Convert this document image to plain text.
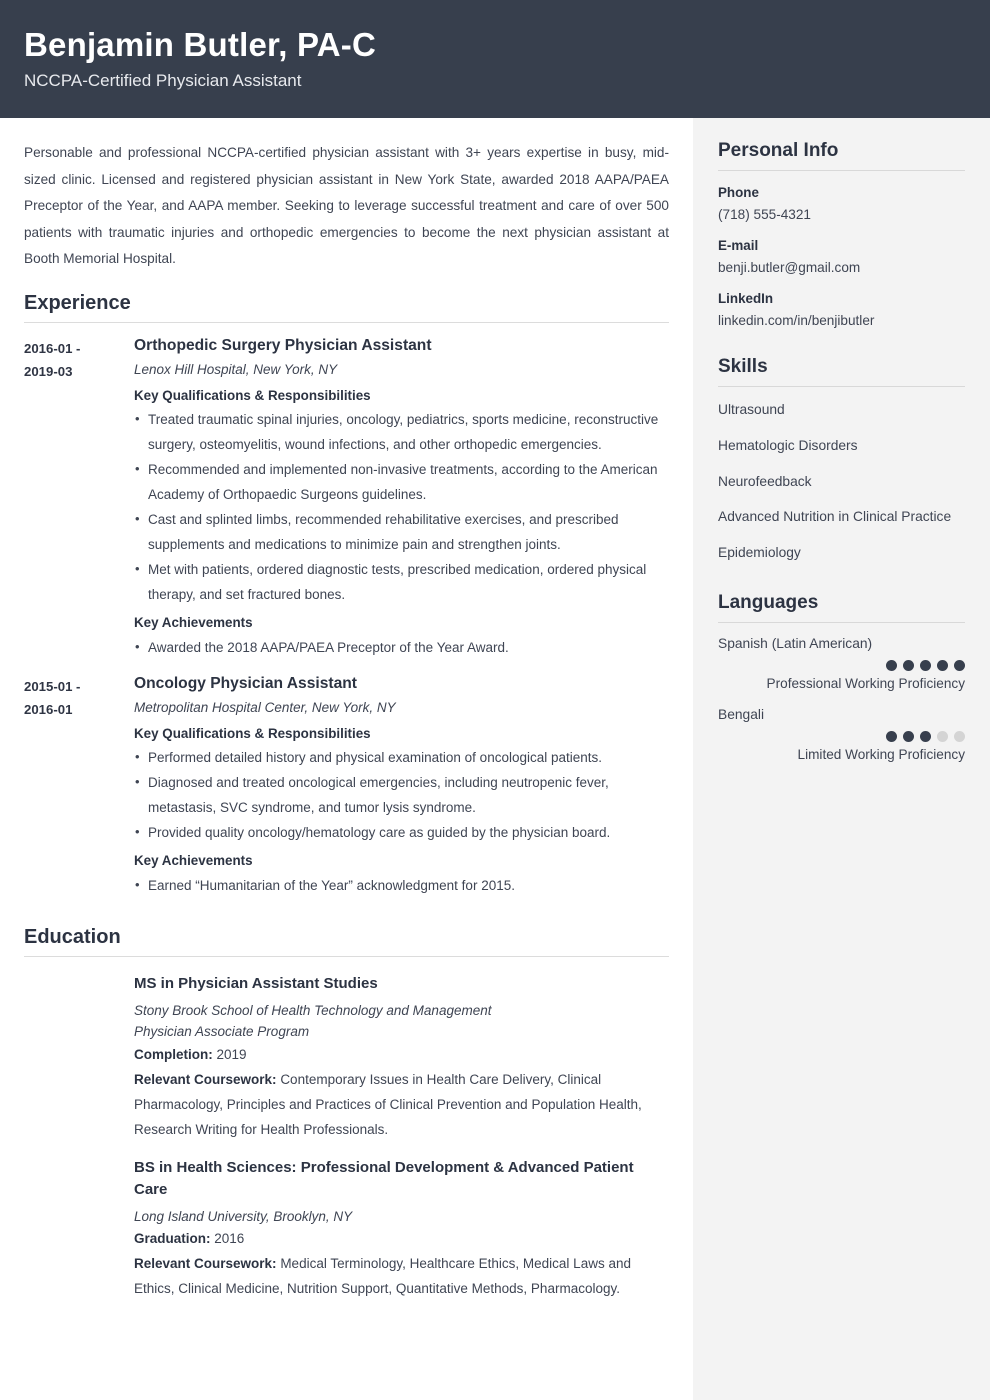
Benjamin Butler, PA-C
NCCPA-Certified Physician Assistant

Personable and professional NCCPA-certified physician assistant with 3+ years expertise in busy, mid-sized clinic. Licensed and registered physician assistant in New York State, awarded 2018 AAPA/PAEA Preceptor of the Year, and AAPA member. Seeking to leverage successful treatment and care of over 500 patients with traumatic injuries and orthopedic emergencies to become the next physician assistant at Booth Memorial Hospital.

Experience
2016-01 -
2019-03
Orthopedic Surgery Physician Assistant
Lenox Hill Hospital, New York, NY
Key Qualifications & Responsibilities
• Treated traumatic spinal injuries, oncology, pediatrics, sports medicine, reconstructive surgery, osteomyelitis, wound infections, and other orthopedic emergencies.
• Recommended and implemented non-invasive treatments, according to the American Academy of Orthopaedic Surgeons guidelines.
• Cast and splinted limbs, recommended rehabilitative exercises, and prescribed supplements and medications to minimize pain and strengthen joints.
• Met with patients, ordered diagnostic tests, prescribed medication, ordered physical therapy, and set fractured bones.
Key Achievements
• Awarded the 2018 AAPA/PAEA Preceptor of the Year Award.
2015-01 -
2016-01
Oncology Physician Assistant
Metropolitan Hospital Center, New York, NY
Key Qualifications & Responsibilities
• Performed detailed history and physical examination of oncological patients.
• Diagnosed and treated oncological emergencies, including neutropenic fever, metastasis, SVC syndrome, and tumor lysis syndrome.
• Provided quality oncology/hematology care as guided by the physician board.
Key Achievements
• Earned “Humanitarian of the Year” acknowledgment for 2015.
Education
MS in Physician Assistant Studies
Stony Brook School of Health Technology and Management
Physician Associate Program
Completion: 2019
Relevant Coursework: Contemporary Issues in Health Care Delivery, Clinical Pharmacology, Principles and Practices of Clinical Prevention and Population Health, Research Writing for Health Professionals.
BS in Health Sciences: Professional Development & Advanced Patient Care
Long Island University, Brooklyn, NY
Graduation: 2016
Relevant Coursework: Medical Terminology, Healthcare Ethics, Medical Laws and Ethics, Clinical Medicine, Nutrition Support, Quantitative Methods, Pharmacology.
Personal Info
Phone
(718) 555-4321
E-mail
benji.butler@gmail.com
LinkedIn
linkedin.com/in/benjibutler
Skills
Ultrasound
Hematologic Disorders
Neurofeedback
Advanced Nutrition in Clinical Practice
Epidemiology
Languages
Spanish (Latin American)
Professional Working Proficiency
Bengali
Limited Working Proficiency
